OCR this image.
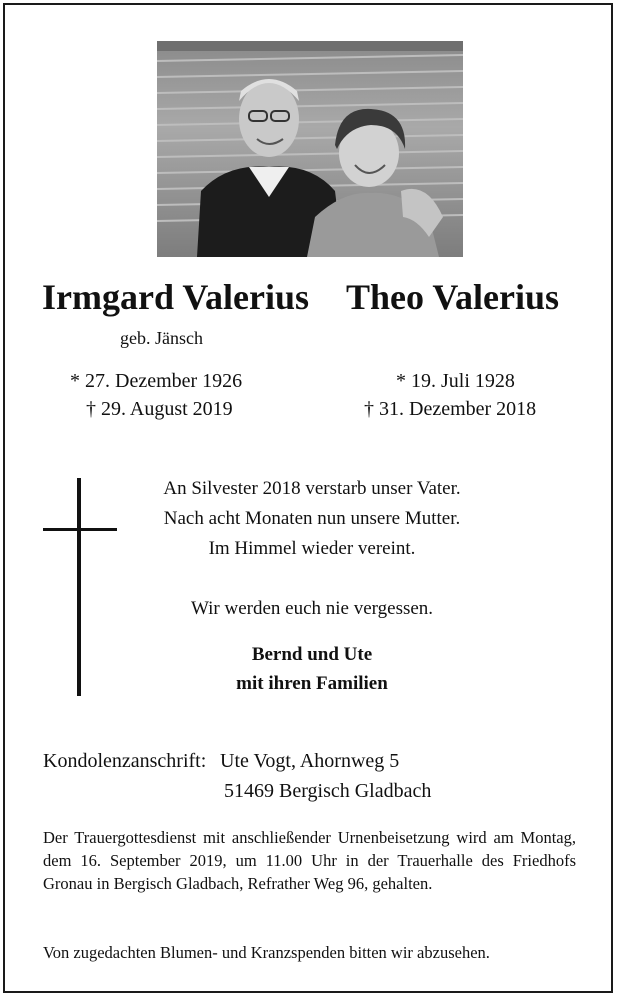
Irmgard Valerius Theo Valerius
geb. Jänsch
* 27. Dezember 1926
† 29. August 2019
* 19. Juli 1928
† 31. Dezember 2018
An Silvester 2018 verstarb unser Vater.
Nach acht Monaten nun unsere Mutter.
Im Himmel wieder vereint.
Wir werden euch nie vergessen.
Bernd und Ute
mit ihren Familien
Kondolenzanschrift: Ute Vogt, Ahornweg 5
51469 Bergisch Gladbach
Der Trauergottesdienst mit anschließender Urnenbeisetzung wird am Montag, dem 16. September 2019, um 11.00 Uhr in der Trauerhalle des Friedhofs Gronau in Bergisch Gladbach, Refrather Weg 96, gehalten.
Von zugedachten Blumen- und Kranzspenden bitten wir abzusehen.
